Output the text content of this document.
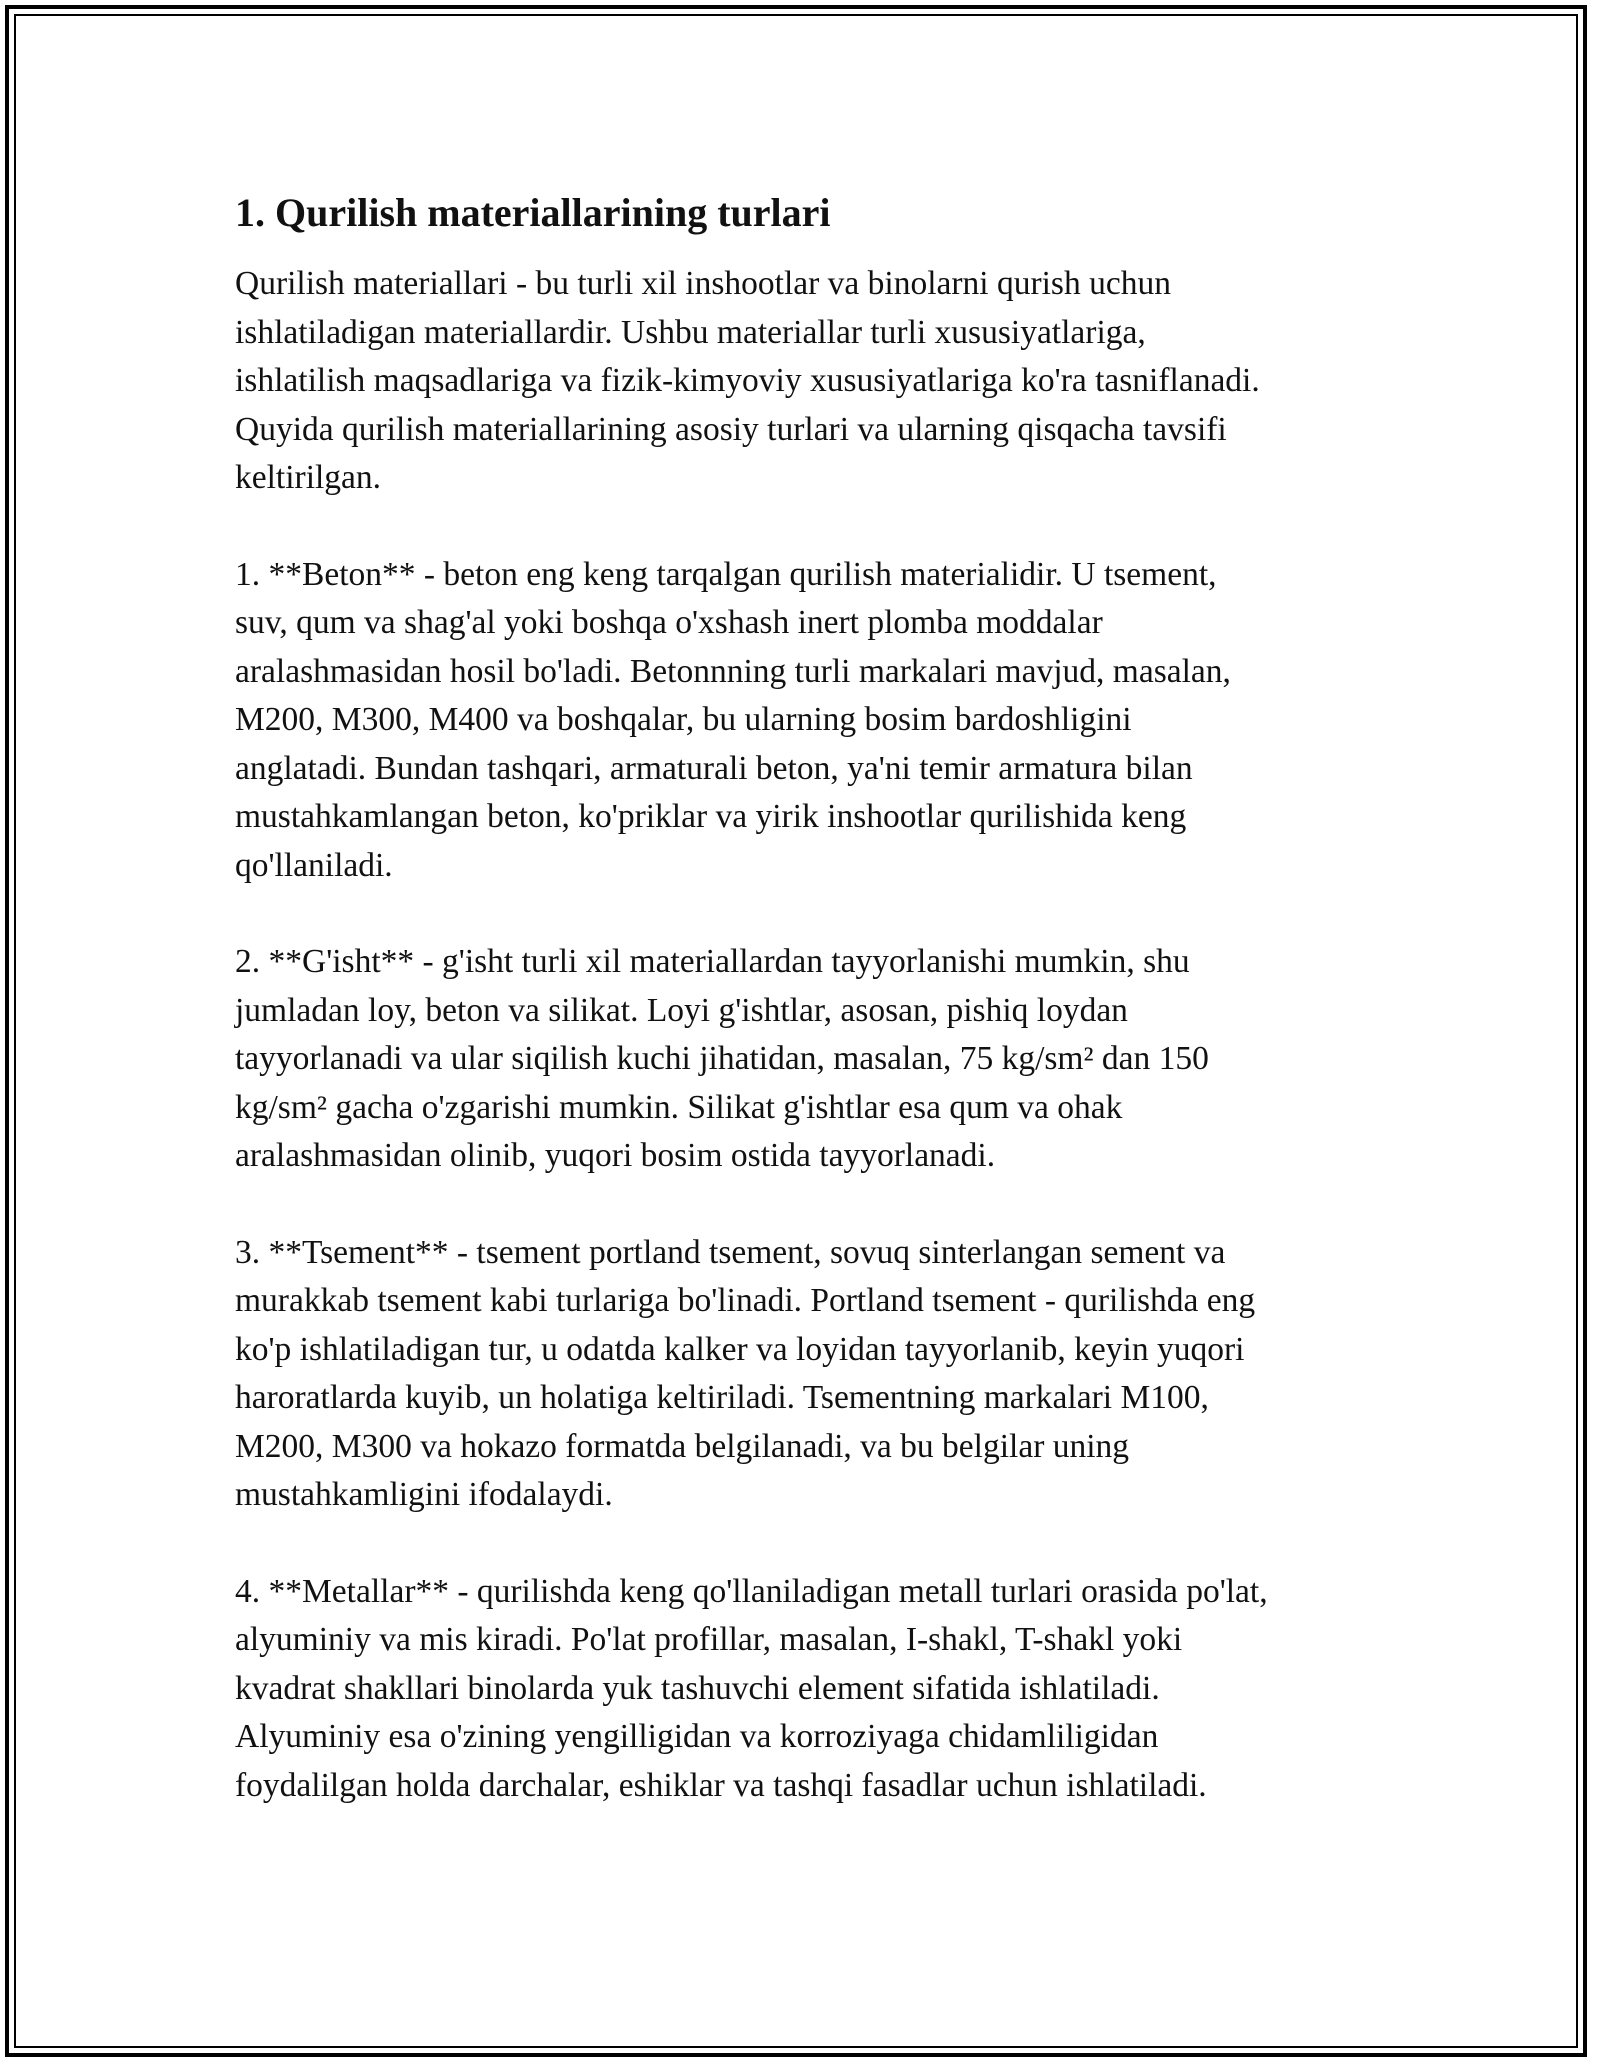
1. Qurilish materiallarining turlari

Qurilish materiallari - bu turli xil inshootlar va binolarni qurish uchun
ishlatiladigan materiallardir. Ushbu materiallar turli xususiyatlariga,
ishlatilish maqsadlariga va fizik-kimyoviy xususiyatlariga ko'ra tasniflanadi.
Quyida qurilish materiallarining asosiy turlari va ularning qisqacha tavsifi
keltirilgan.

1. **Beton** - beton eng keng tarqalgan qurilish materialidir. U tsement,
suv, qum va shag'al yoki boshqa o'xshash inert plomba moddalar
aralashmasidan hosil bo'ladi. Betonnning turli markalari mavjud, masalan,
M200, M300, M400 va boshqalar, bu ularning bosim bardoshligini
anglatadi. Bundan tashqari, armaturali beton, ya'ni temir armatura bilan
mustahkamlangan beton, ko'priklar va yirik inshootlar qurilishida keng
qo'llaniladi.

2. **G'isht** - g'isht turli xil materiallardan tayyorlanishi mumkin, shu
jumladan loy, beton va silikat. Loyi g'ishtlar, asosan, pishiq loydan
tayyorlanadi va ular siqilish kuchi jihatidan, masalan, 75 kg/sm² dan 150
kg/sm² gacha o'zgarishi mumkin. Silikat g'ishtlar esa qum va ohak
aralashmasidan olinib, yuqori bosim ostida tayyorlanadi.

3. **Tsement** - tsement portland tsement, sovuq sinterlangan sement va
murakkab tsement kabi turlariga bo'linadi. Portland tsement - qurilishda eng
ko'p ishlatiladigan tur, u odatda kalker va loyidan tayyorlanib, keyin yuqori
haroratlarda kuyib, un holatiga keltiriladi. Tsementning markalari M100,
M200, M300 va hokazo formatda belgilanadi, va bu belgilar uning
mustahkamligini ifodalaydi.

4. **Metallar** - qurilishda keng qo'llaniladigan metall turlari orasida po'lat,
alyuminiy va mis kiradi. Po'lat profillar, masalan, I-shakl, T-shakl yoki
kvadrat shakllari binolarda yuk tashuvchi element sifatida ishlatiladi.
Alyuminiy esa o'zining yengilligidan va korroziyaga chidamliligidan
foydalilgan holda darchalar, eshiklar va tashqi fasadlar uchun ishlatiladi.
